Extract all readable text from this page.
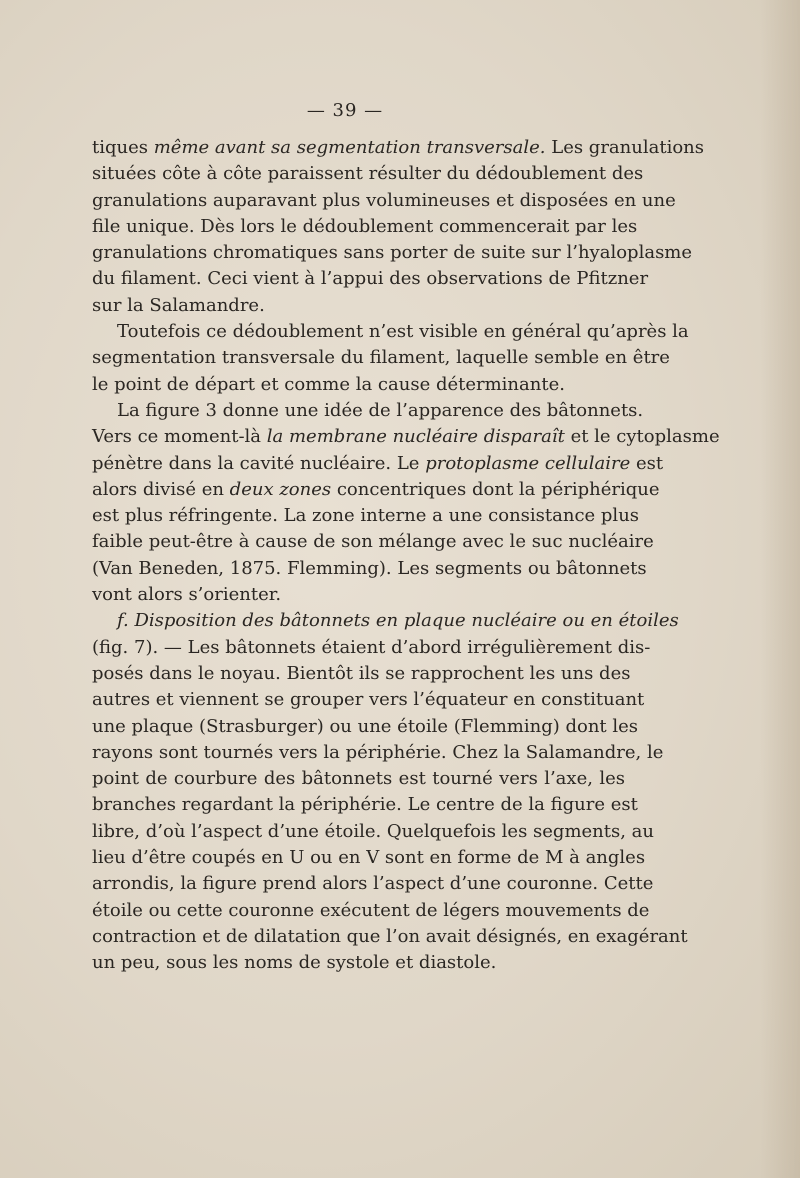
— 39 —

tiques même avant sa segmentation transversale. Les granulations
situées côte à côte paraissent résulter du dédoublement des
granulations auparavant plus volumineuses et disposées en une
file unique. Dès lors le dédoublement commencerait par les
granulations chromatiques sans porter de suite sur l’hyaloplasme
du filament. Ceci vient à l’appui des observations de Pfitzner
sur la Salamandre.

Toutefois ce dédoublement n’est visible en général qu’après la
segmentation transversale du filament, laquelle semble en être
le point de départ et comme la cause déterminante.

La figure 3 donne une idée de l’apparence des bâtonnets.
Vers ce moment-là la membrane nucléaire disparaît et le cytoplasme
pénètre dans la cavité nucléaire. Le protoplasme cellulaire est
alors divisé en deux zones concentriques dont la périphérique
est plus réfringente. La zone interne a une consistance plus
faible peut-être à cause de son mélange avec le suc nucléaire
(Van Beneden, 1875. Flemming). Les segments ou bâtonnets
vont alors s’orienter.

f. Disposition des bâtonnets en plaque nucléaire ou en étoiles
(fig. 7). — Les bâtonnets étaient d’abord irrégulièrement dis-
posés dans le noyau. Bientôt ils se rapprochent les uns des
autres et viennent se grouper vers l’équateur en constituant
une plaque (Strasburger) ou une étoile (Flemming) dont les
rayons sont tournés vers la périphérie. Chez la Salamandre, le
point de courbure des bâtonnets est tourné vers l’axe, les
branches regardant la périphérie. Le centre de la figure est
libre, d’où l’aspect d’une étoile. Quelquefois les segments, au
lieu d’être coupés en U ou en V sont en forme de M à angles
arrondis, la figure prend alors l’aspect d’une couronne. Cette
étoile ou cette couronne exécutent de légers mouvements de
contraction et de dilatation que l’on avait désignés, en exagérant
un peu, sous les noms de systole et diastole.
